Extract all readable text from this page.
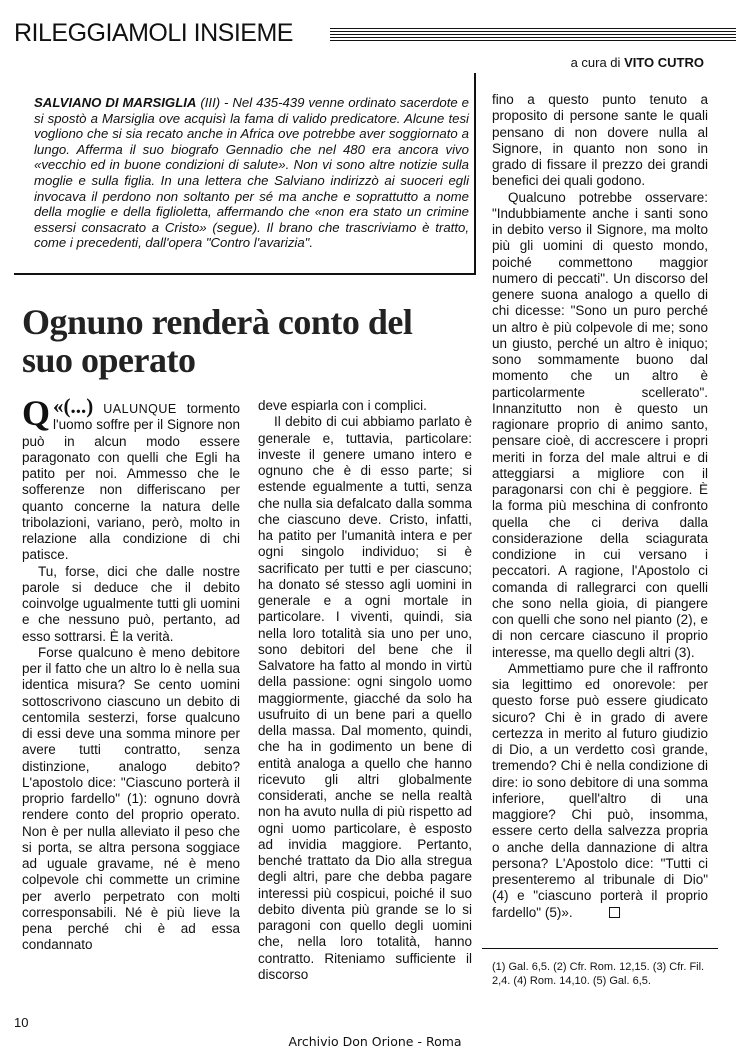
RILEGGIAMOLI INSIEME
a cura di VITO CUTRO
SALVIANO DI MARSIGLIA (III) - Nel 435-439 venne ordinato sacerdote e si spostò a Marsiglia ove acquisì la fama di valido predicatore. Alcune tesi vogliono che si sia recato anche in Africa ove potrebbe aver soggiornato a lungo. Afferma il suo biografo Gennadio che nel 480 era ancora vivo «vecchio ed in buone condizioni di salute». Non vi sono altre notizie sulla moglie e sulla figlia. In una lettera che Salviano indirizzò ai suoceri egli invocava il perdono non soltanto per sé ma anche e soprattutto a nome della moglie e della figlioletta, affermando che «non era stato un crimine essersi consacrato a Cristo» (segue). Il brano che trascriviamo è tratto, come i precedenti, dall'opera "Contro l'avarizia".
Ognuno renderà conto del suo operato

«(...)
Q	UALUNQUE tormento l'uomo soffre per il Signore non può in alcun modo essere paragonato con quelli che Egli ha patito per noi. Ammesso che le sofferenze non differiscano per quanto concerne la natura delle tribolazioni, variano, però, molto in relazione alla condizione di chi patisce.

Tu, forse, dici che dalle nostre parole si deduce che il debito coinvolge ugualmente tutti gli uomini e che nessuno può, pertanto, ad esso sottrarsi. È la verità.

Forse qualcuno è meno debitore per il fatto che un altro lo è nella sua identica misura? Se cento uomini sottoscrivono ciascuno un debito di centomila sesterzi, forse qualcuno di essi deve una somma minore per avere tutti contratto, senza distinzione, analogo debito? L'apostolo dice: "Ciascuno porterà il proprio fardello" (1): ognuno dovrà rendere conto del proprio operato. Non è per nulla alleviato il peso che si porta, se altra persona soggiace ad uguale gravame, né è meno colpevole chi commette un crimine per averlo perpetrato con molti corresponsabili. Né è più lieve la pena perché chi è ad essa condannato

deve espiarla con i complici.

Il debito di cui abbiamo parlato è generale e, tuttavia, particolare: investe il genere umano intero e ognuno che è di esso parte; si estende egualmente a tutti, senza che nulla sia defalcato dalla somma che ciascuno deve. Cristo, infatti, ha patito per l'umanità intera e per ogni singolo individuo; si è sacrificato per tutti e per ciascuno; ha donato sé stesso agli uomini in generale e a ogni mortale in particolare. I viventi, quindi, sia nella loro totalità sia uno per uno, sono debitori del bene che il Salvatore ha fatto al mondo in virtù della passione: ogni singolo uomo maggiormente, giacché da solo ha usufruito di un bene pari a quello della massa. Dal momento, quindi, che ha in godimento un bene di entità analoga a quello che hanno ricevuto gli altri globalmente considerati, anche se nella realtà non ha avuto nulla di più rispetto ad ogni uomo particolare, è esposto ad invidia maggiore. Pertanto, benché trattato da Dio alla stregua degli altri, pare che debba pagare interessi più cospicui, poiché il suo debito diventa più grande se lo si paragoni con quello degli uomini che, nella loro totalità, hanno contratto. Riteniamo sufficiente il discorso

fino a questo punto tenuto a proposito di persone sante le quali pensano di non dovere nulla al Signore, in quanto non sono in grado di fissare il prezzo dei grandi benefici dei quali godono.

Qualcuno potrebbe osservare: "Indubbiamente anche i santi sono in debito verso il Signore, ma molto più gli uomini di questo mondo, poiché commettono maggior numero di peccati". Un discorso del genere suona analogo a quello di chi dicesse: "Sono un puro perché un altro è più colpevole di me; sono un giusto, perché un altro è iniquo; sono sommamente buono dal momento che un altro è particolarmente scellerato". Innanzitutto non è questo un ragionare proprio di animo santo, pensare cioè, di accrescere i propri meriti in forza del male altrui e di atteggiarsi a migliore con il paragonarsi con chi è peggiore. È la forma più meschina di confronto quella che ci deriva dalla considerazione della sciagurata condizione in cui versano i peccatori. A ragione, l'Apostolo ci comanda di rallegrarci con quelli che sono nella gioia, di piangere con quelli che sono nel pianto (2), e di non cercare ciascuno il proprio interesse, ma quello degli altri (3).

Ammettiamo pure che il raffronto sia legittimo ed onorevole: per questo forse può essere giudicato sicuro? Chi è in grado di avere certezza in merito al futuro giudizio di Dio, a un verdetto così grande, tremendo? Chi è nella condizione di dire: io sono debitore di una somma inferiore, quell'altro di una maggiore? Chi può, insomma, essere certo della salvezza propria o anche della dannazione di altra persona? L'Apostolo dice: "Tutti ci presenteremo al tribunale di Dio" (4) e "ciascuno porterà il proprio fardello" (5)».

(1) Gal. 6,5. (2) Cfr. Rom. 12,15. (3) Cfr. Fil. 2,4. (4) Rom. 14,10. (5) Gal. 6,5.
10
Archivio Don Orione - Roma
